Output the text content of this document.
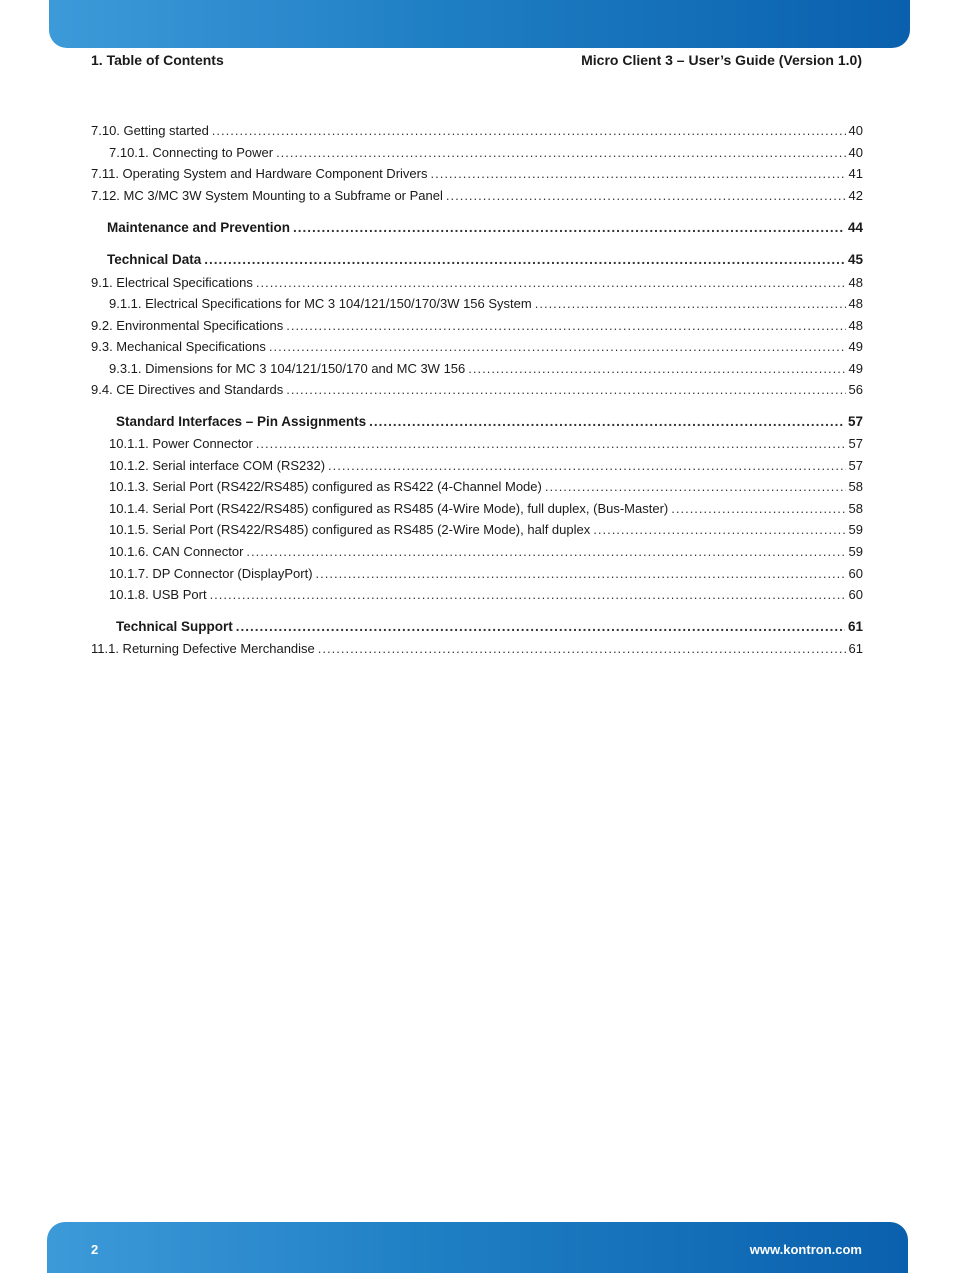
1. Table of Contents	Micro Client 3 – User’s Guide (Version 1.0)
7.10. Getting started .....	40
7.10.1. Connecting to Power .....	40
7.11. Operating System and Hardware Component Drivers .....	41
7.12. MC 3/MC 3W System Mounting to a Subframe or Panel .....	42
Maintenance and Prevention .....	44
Technical Data .....	45
9.1. Electrical Specifications .....	48
9.1.1. Electrical Specifications for MC 3 104/121/150/170/3W 156 System .....	48
9.2. Environmental Specifications .....	48
9.3. Mechanical Specifications .....	49
9.3.1. Dimensions for MC 3 104/121/150/170 and MC 3W 156 .....	49
9.4. CE Directives and Standards .....	56
Standard Interfaces – Pin Assignments .....	57
10.1.1. Power Connector .....	57
10.1.2. Serial interface COM (RS232) .....	57
10.1.3. Serial Port (RS422/RS485) configured as RS422 (4-Channel Mode) .....	58
10.1.4. Serial Port (RS422/RS485) configured as RS485 (4-Wire Mode), full duplex, (Bus-Master) .....	58
10.1.5. Serial Port (RS422/RS485) configured as RS485 (2-Wire Mode), half duplex .....	59
10.1.6. CAN Connector .....	59
10.1.7. DP Connector (DisplayPort) .....	60
10.1.8. USB Port .....	60
Technical Support .....	61
11.1. Returning Defective Merchandise .....	61
2	www.kontron.com
